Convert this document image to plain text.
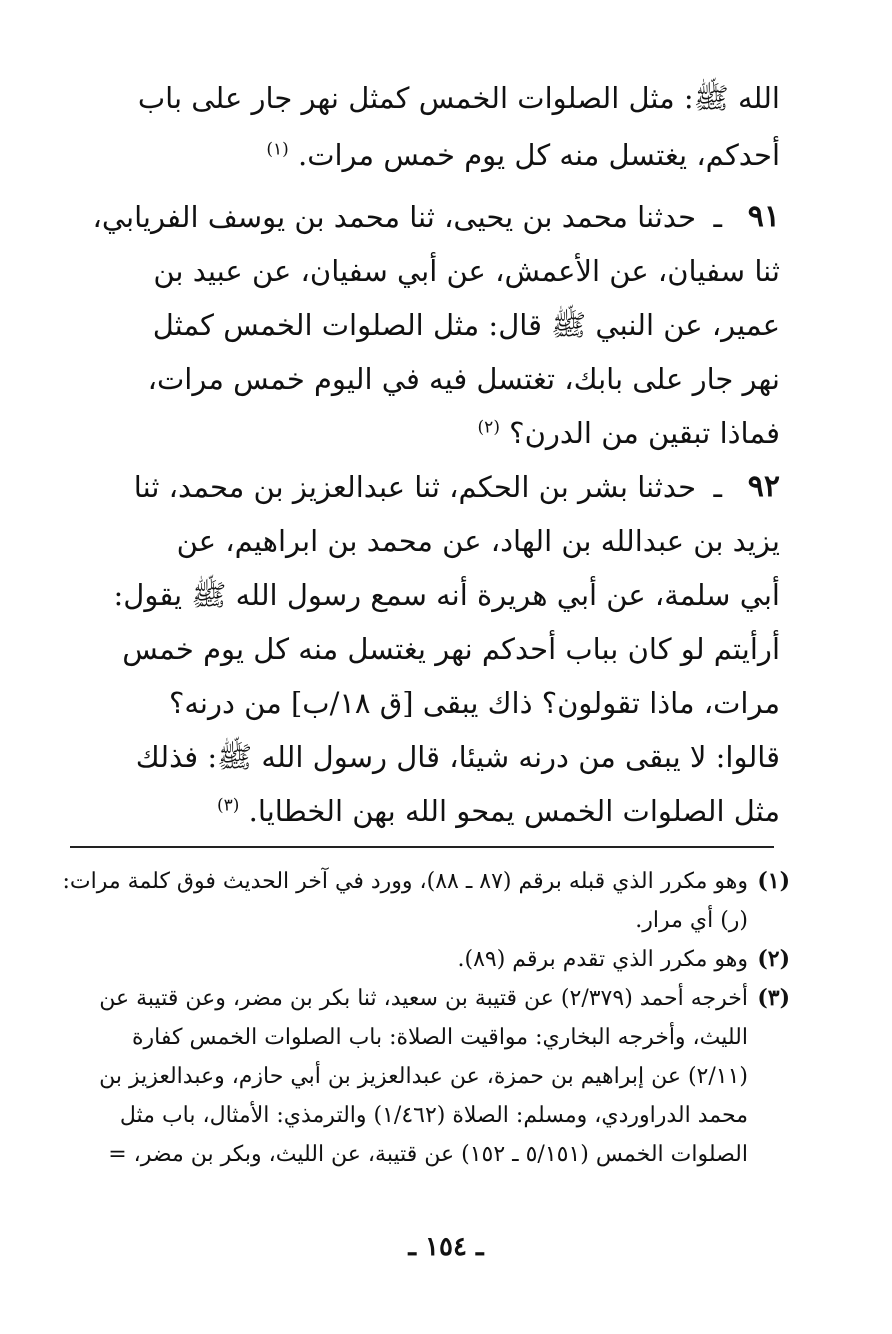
الله ﷺ: مثل الصلوات الخمس كمثل نهر جار على باب
أحدكم، يغتسل منه كل يوم خمس مرات. $^{(١)}$
٩١
ـ
حدثنا محمد بن يحيى، ثنا محمد بن يوسف الفريابي،
ثنا سفيان، عن الأعمش، عن أبي سفيان، عن عبيد بن
عمير، عن النبي ﷺ قال: مثل الصلوات الخمس كمثل
نهر جار على بابك، تغتسل فيه في اليوم خمس مرات،
فماذا تبقين من الدرن؟ $^{(٢)}$
٩٢
ـ
حدثنا بشر بن الحكم، ثنا عبدالعزيز بن محمد، ثنا
يزيد بن عبدالله بن الهاد، عن محمد بن ابراهيم، عن
أبي سلمة، عن أبي هريرة أنه سمع رسول الله ﷺ يقول:
أرأيتم لو كان بباب أحدكم نهر يغتسل منه كل يوم خمس
مرات، ماذا تقولون؟ ذاك يبقى [ق ١٨/ب] من درنه؟
قالوا: لا يبقى من درنه شيئا، قال رسول الله ﷺ: فذلك
مثل الصلوات الخمس يمحو الله بهن الخطايا. $^{(٣)}$
(١)
وهو مكرر الذي قبله برقم (٨٧ ـ ٨٨)، وورد في آخر الحديث فوق كلمة مرات:
(ر) أي مرار.
(٢)
وهو مكرر الذي تقدم برقم (٨٩).
(٣)
أخرجه أحمد (٢/٣٧٩) عن قتيبة بن سعيد، ثنا بكر بن مضر، وعن قتيبة عن
الليث، وأخرجه البخاري: مواقيت الصلاة: باب الصلوات الخمس كفارة
(٢/١١) عن إبراهيم بن حمزة، عن عبدالعزيز بن أبي حازم، وعبدالعزيز بن
محمد الدراوردي، ومسلم: الصلاة (١/٤٦٢) والترمذي: الأمثال، باب مثل
الصلوات الخمس (٥/١٥١ ـ ١٥٢) عن قتيبة، عن الليث، وبكر بن مضر، =
ـ ١٥٤ ـ
